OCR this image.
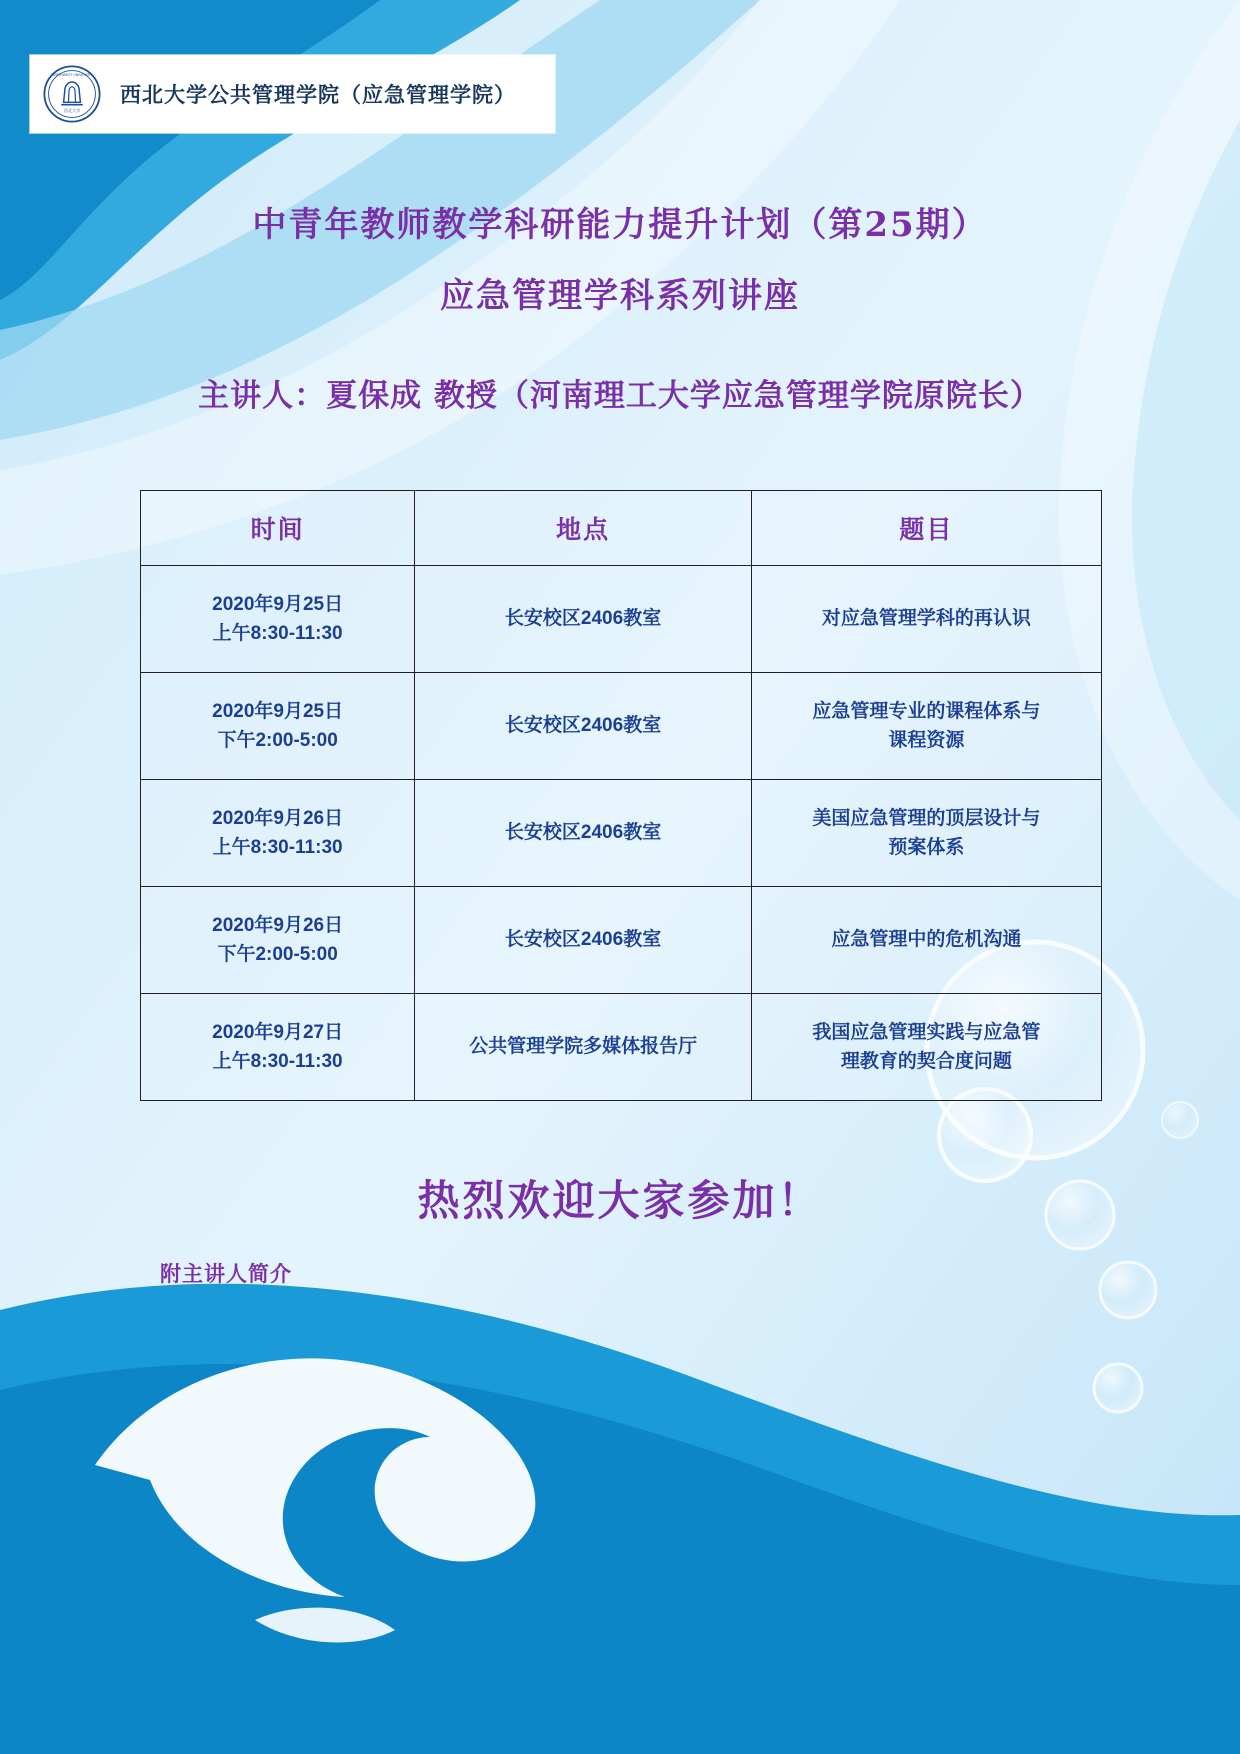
西北大学
NORTHWEST UNIVERSITY
西北大学公共管理学院（应急管理学院）
中青年教师教学科研能力提升计划（第25期）
应急管理学科系列讲座
主讲人：夏保成 教授（河南理工大学应急管理学院原院长）
时间	地点	题目

2020年9月25日
上午8:30-11:30	长安校区2406教室	对应急管理学科的再认识

2020年9月25日
下午2:00-5:00	长安校区2406教室	应急管理专业的课程体系与
课程资源

2020年9月26日
上午8:30-11:30	长安校区2406教室	美国应急管理的顶层设计与
预案体系

2020年9月26日
下午2:00-5:00	长安校区2406教室	应急管理中的危机沟通

2020年9月27日
上午8:30-11:30	公共管理学院多媒体报告厅	我国应急管理实践与应急管
理教育的契合度问题
热烈欢迎大家参加！
附主讲人简介
